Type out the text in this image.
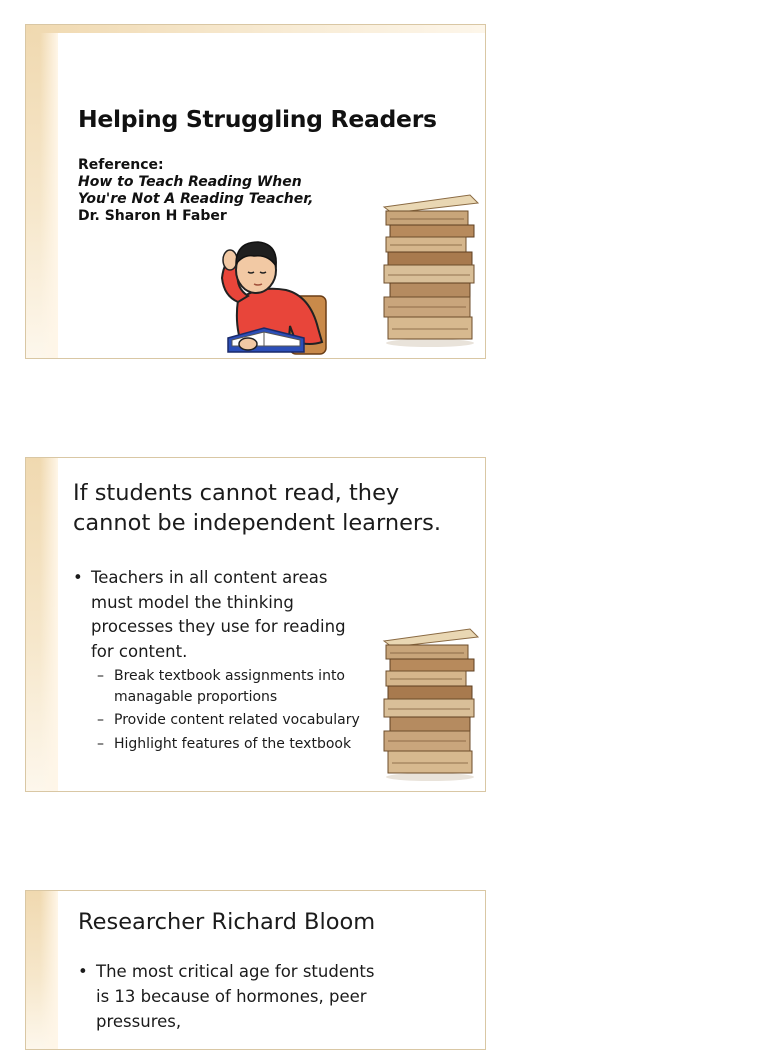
Helping Struggling Readers
Reference:
How to Teach Reading When
You're Not A Reading Teacher,
Dr. Sharon H Faber
If students cannot read, they cannot be independent learners.
• Teachers in all content areas must model the thinking processes they use for reading for content.
– Break textbook assignments into managable proportions
– Provide content related vocabulary
– Highlight features of the textbook
Researcher Richard Bloom
• The most critical age for students is 13 because of hormones, peer pressures,
